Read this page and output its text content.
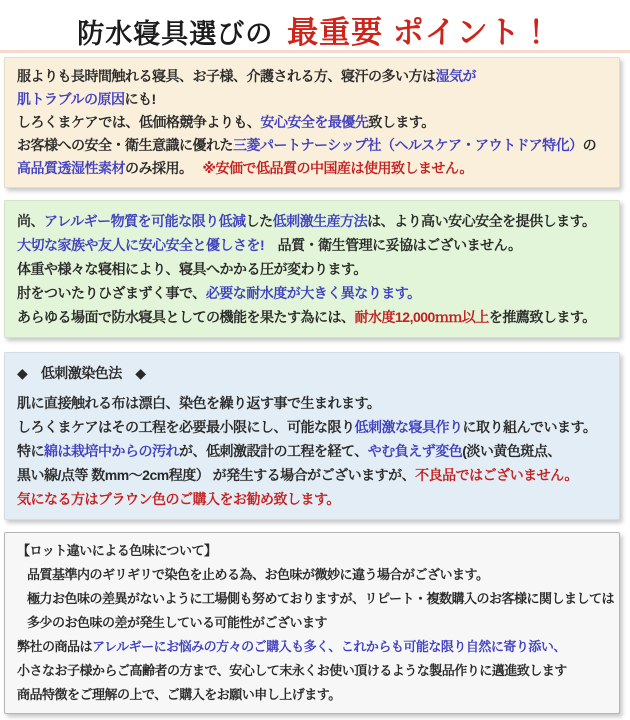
防水寝具選びの 最重要 ポイント！
服よりも長時間触れる寝具、お子様、介護される方、寝汗の多い方は湿気が
肌トラブルの原因にも!
しろくまケアでは、低価格競争よりも、安心安全を最優先致します。
お客様への安全・衛生意識に優れた三菱パートナーシップ社（ヘルスケア・アウトドア特化）の
高品質透湿性素材のみ採用。　 ※安価で低品質の中国産は使用致しません。
尚、アレルギー物質を可能な限り低減した低刺激生産方法は、より高い安心安全を提供します。
大切な家族や友人に安心安全と優しさを!　品質・衛生管理に妥協はございません。
体重や様々な寝相により、寝具へかかる圧が変わります。
肘をついたりひざまずく事で、必要な耐水度が大きく異なります。
あらゆる場面で防水寝具としての機能を果たす為には、耐水度12,000ｍｍ以上を推薦致します。
◆　低刺激染色法　◆
肌に直接触れる布は漂白、染色を繰り返す事で生まれます。
しろくまケアはその工程を必要最小限にし、可能な限り低刺激な寝具作りに取り組んでいます。
特に綿は栽培中からの汚れが、低刺激設計の工程を経て、やむ負えず変色(淡い黄色斑点、
黒い線/点等 数mm〜2cm程度） が発生する場合がございますが、不良品ではございません。
気になる方はブラウン色のご購入をお勧め致します。
【ロット違いによる色味について】
品質基準内のギリギリで染色を止める為、お色味が微妙に違う場合がございます。
極力お色味の差異がないように工場側も努めておりますが、リピート・複数購入のお客様に関しましては
多少のお色味の差が発生している可能性がございます
弊社の商品はアレルギーにお悩みの方々のご購入も多く、これからも可能な限り自然に寄り添い、
小さなお子様からご高齢者の方まで、安心して末永くお使い頂けるような製品作りに邁進致します
商品特徴をご理解の上で、ご購入をお願い申し上げます。
